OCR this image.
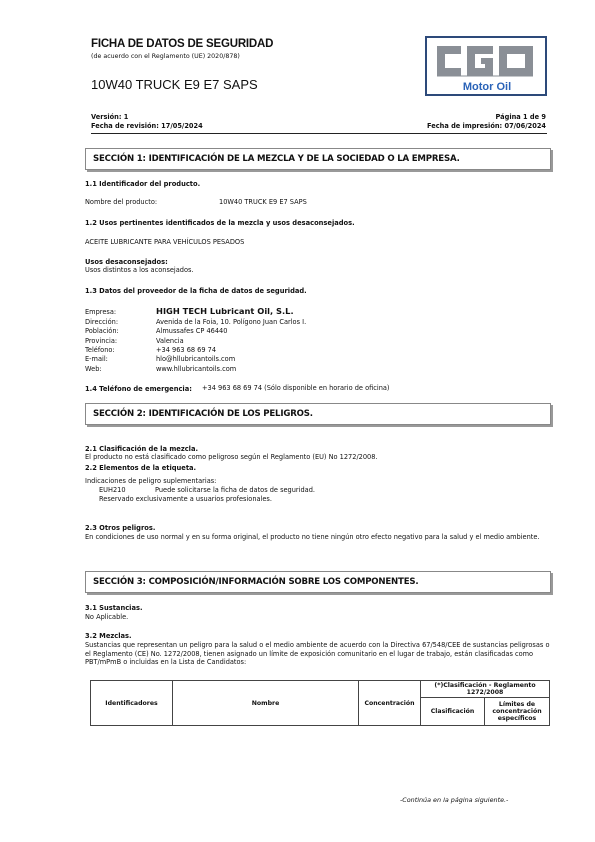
FICHA DE DATOS DE SEGURIDAD
(de acuerdo con el Reglamento (UE) 2020/878)
10W40 TRUCK E9 E7 SAPS	Motor Oil
Versión: 1
Fecha de revisión: 17/05/2024
Página 1 de 9
Fecha de impresión: 07/06/2024
SECCIÓN 1: IDENTIFICACIÓN DE LA MEZCLA Y DE LA SOCIEDAD O LA EMPRESA.
1.1 Identificador del producto.
Nombre del producto:	10W40 TRUCK E9 E7 SAPS
1.2 Usos pertinentes identificados de la mezcla y usos desaconsejados.
ACEITE LUBRICANTE PARA VEHÍCULOS PESADOS
Usos desaconsejados:
Usos distintos a los aconsejados.
1.3 Datos del proveedor de la ficha de datos de seguridad.
Empresa:	HIGH TECH Lubricant Oil, S.L.
Dirección:	Avenida de la Foia, 10. Polígono Juan Carlos I.
Población:	Almussafes CP 46440
Provincia:	Valencia
Teléfono:	+34 963 68 69 74
E-mail:	hlo@hllubricantoils.com
Web:	www.hllubricantoils.com
1.4 Teléfono de emergencia: +34 963 68 69 74 (Sólo disponible en horario de oficina)
SECCIÓN 2: IDENTIFICACIÓN DE LOS PELIGROS.
2.1 Clasificación de la mezcla.
El producto no está clasificado como peligroso según el Reglamento (EU) No 1272/2008.
2.2 Elementos de la etiqueta.
Indicaciones de peligro suplementarias:
EUH210	Puede solicitarse la ficha de datos de seguridad.
Reservado exclusivamente a usuarios profesionales.
2.3 Otros peligros.
En condiciones de uso normal y en su forma original, el producto no tiene ningún otro efecto negativo para la salud y el medio ambiente.
SECCIÓN 3: COMPOSICIÓN/INFORMACIÓN SOBRE LOS COMPONENTES.
3.1 Sustancias.
No Aplicable.
3.2 Mezclas.
Sustancias que representan un peligro para la salud o el medio ambiente de acuerdo con la Directiva 67/548/CEE de sustancias peligrosas o el Reglamento (CE) No. 1272/2008, tienen asignado un límite de exposición comunitario en el lugar de trabajo, están clasificadas como PBT/mPmB o incluidas en la Lista de Candidatos:
Identificadores	Nombre	Concentración	(*)Clasificación - Reglamento 1272/2008	
			Clasificación	Límites de concentración específicos
-Continúa en la página siguiente.-
